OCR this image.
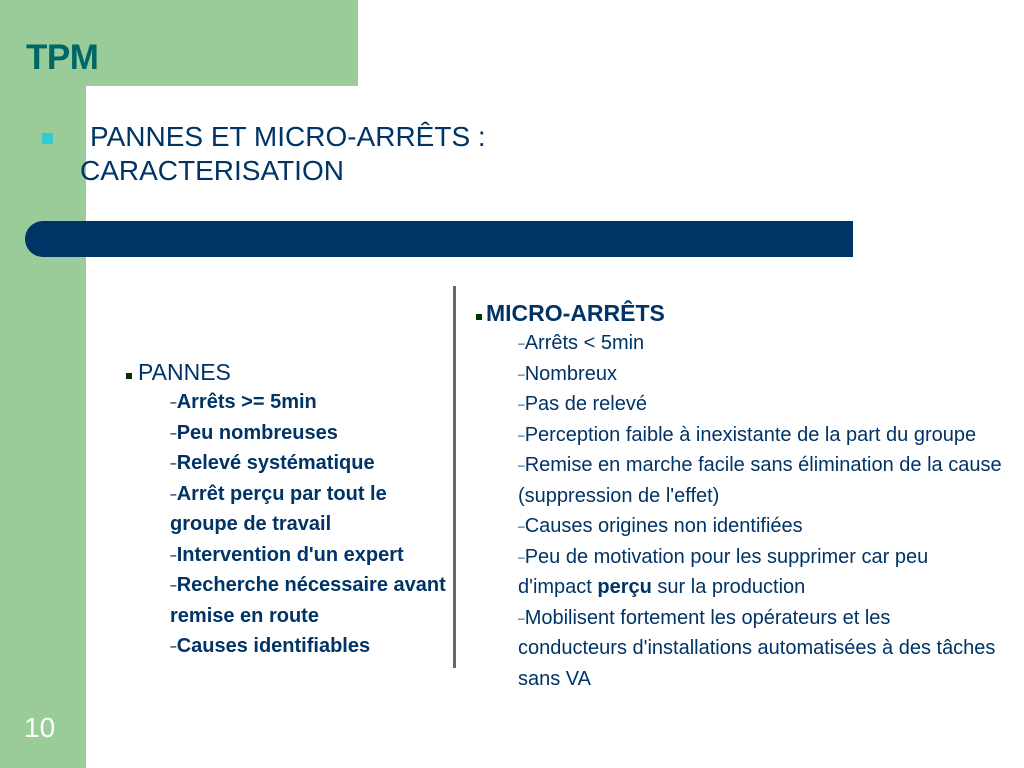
TPM
PANNES ET MICRO-ARRÊTS :
CARACTERISATION
PANNES
–Arrêts >= 5min
–Peu nombreuses
–Relevé systématique
–Arrêt perçu par tout le groupe de travail
–Intervention d'un expert
–Recherche nécessaire avant remise en route
–Causes identifiables
MICRO-ARRÊTS
–Arrêts < 5min
–Nombreux
–Pas de relevé
–Perception faible à inexistante de la part du groupe
–Remise en marche facile sans élimination de la cause (suppression de l'effet)
–Causes origines non identifiées
–Peu de motivation pour les supprimer car peu d'impact perçu sur la production
–Mobilisent fortement les opérateurs et les conducteurs d'installations automatisées à des tâches sans VA

10
